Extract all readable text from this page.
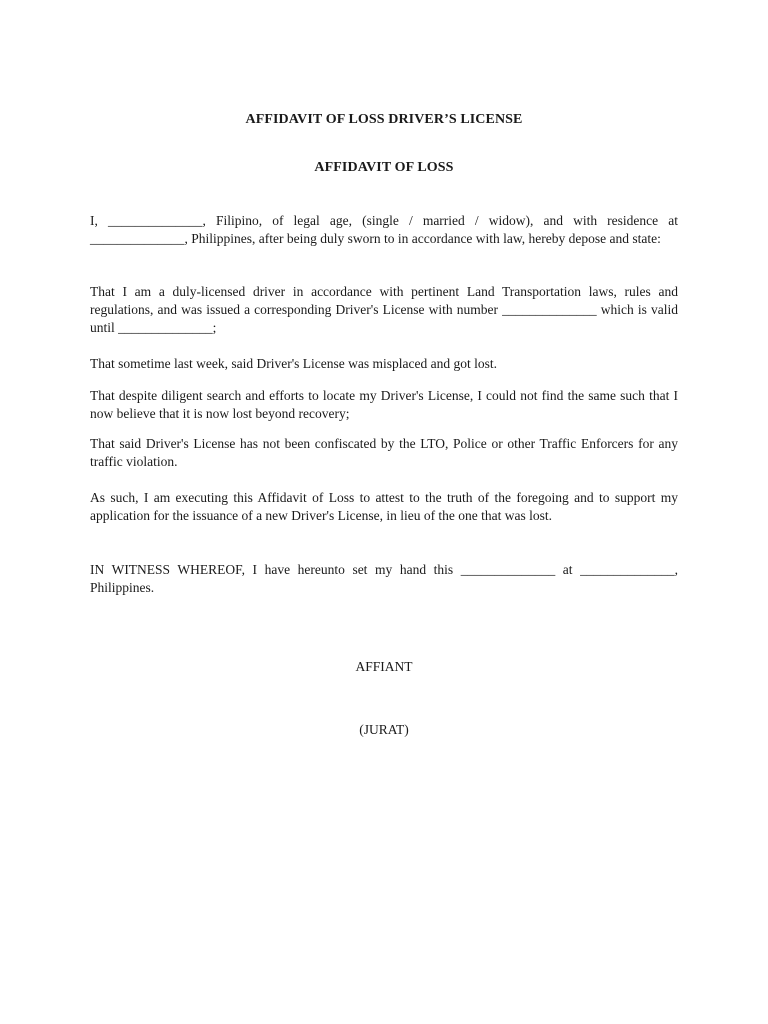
AFFIDAVIT OF LOSS DRIVER’S LICENSE
AFFIDAVIT OF LOSS

I, ______________, Filipino, of legal age, (single / married / widow), and with residence at ______________, Philippines, after being duly sworn to in accordance with law, hereby depose and state:

That I am a duly-licensed driver in accordance with pertinent Land Transportation laws, rules and regulations, and was issued a corresponding Driver's License with number ______________ which is valid until ______________;

That sometime last week, said Driver's License was misplaced and got lost.

That despite diligent search and efforts to locate my Driver's License, I could not find the same such that I now believe that it is now lost beyond recovery;

That said Driver's License has not been confiscated by the LTO, Police or other Traffic Enforcers for any traffic violation.

As such, I am executing this Affidavit of Loss to attest to the truth of the foregoing and to support my application for the issuance of a new Driver's License, in lieu of the one that was lost.

IN WITNESS WHEREOF, I have hereunto set my hand this ______________ at ______________, Philippines.

AFFIANT
(JURAT)
